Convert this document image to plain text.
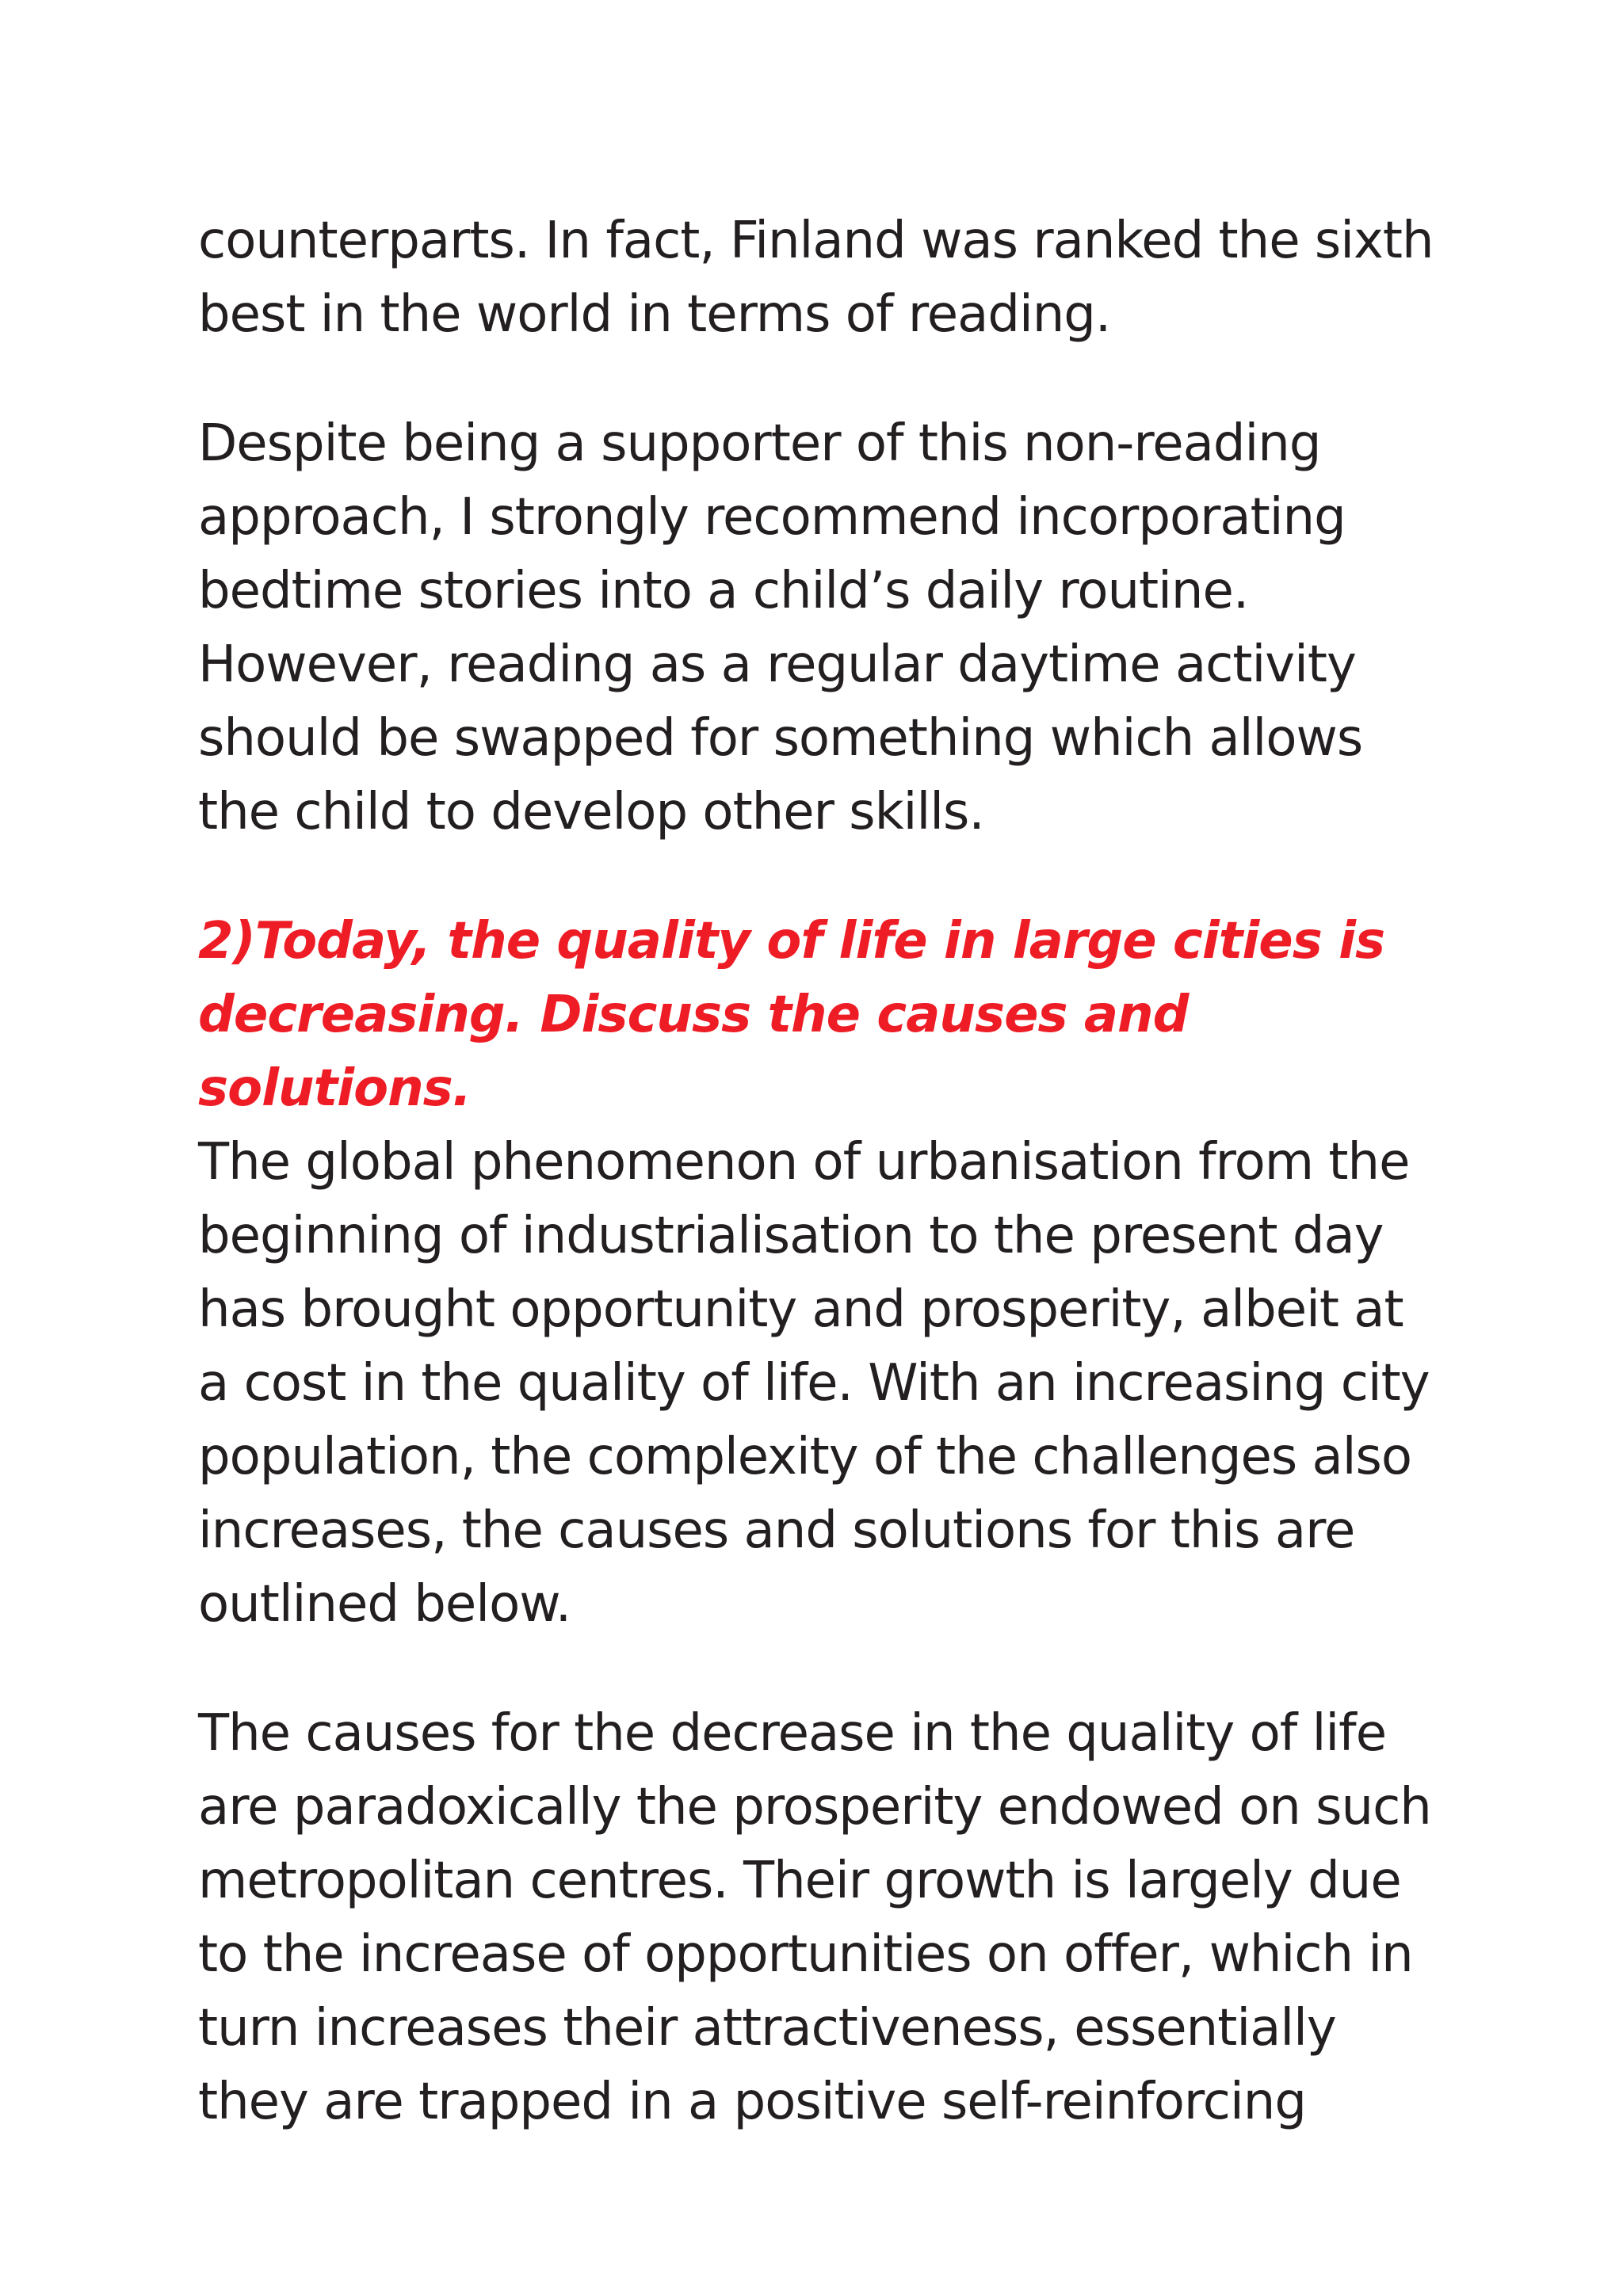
counterparts. In fact, Finland was ranked the sixth
best in the world in terms of reading.

Despite being a supporter of this non-reading
approach, I strongly recommend incorporating
bedtime stories into a child’s daily routine.
However, reading as a regular daytime activity
should be swapped for something which allows
the child to develop other skills.

2)Today, the quality of life in large cities is
decreasing. Discuss the causes and solutions.

The global phenomenon of urbanisation from the
beginning of industrialisation to the present day
has brought opportunity and prosperity, albeit at
a cost in the quality of life. With an increasing city
population, the complexity of the challenges also
increases, the causes and solutions for this are
outlined below.

The causes for the decrease in the quality of life
are paradoxically the prosperity endowed on such
metropolitan centres. Their growth is largely due
to the increase of opportunities on offer, which in
turn increases their attractiveness, essentially
they are trapped in a positive self-reinforcing
